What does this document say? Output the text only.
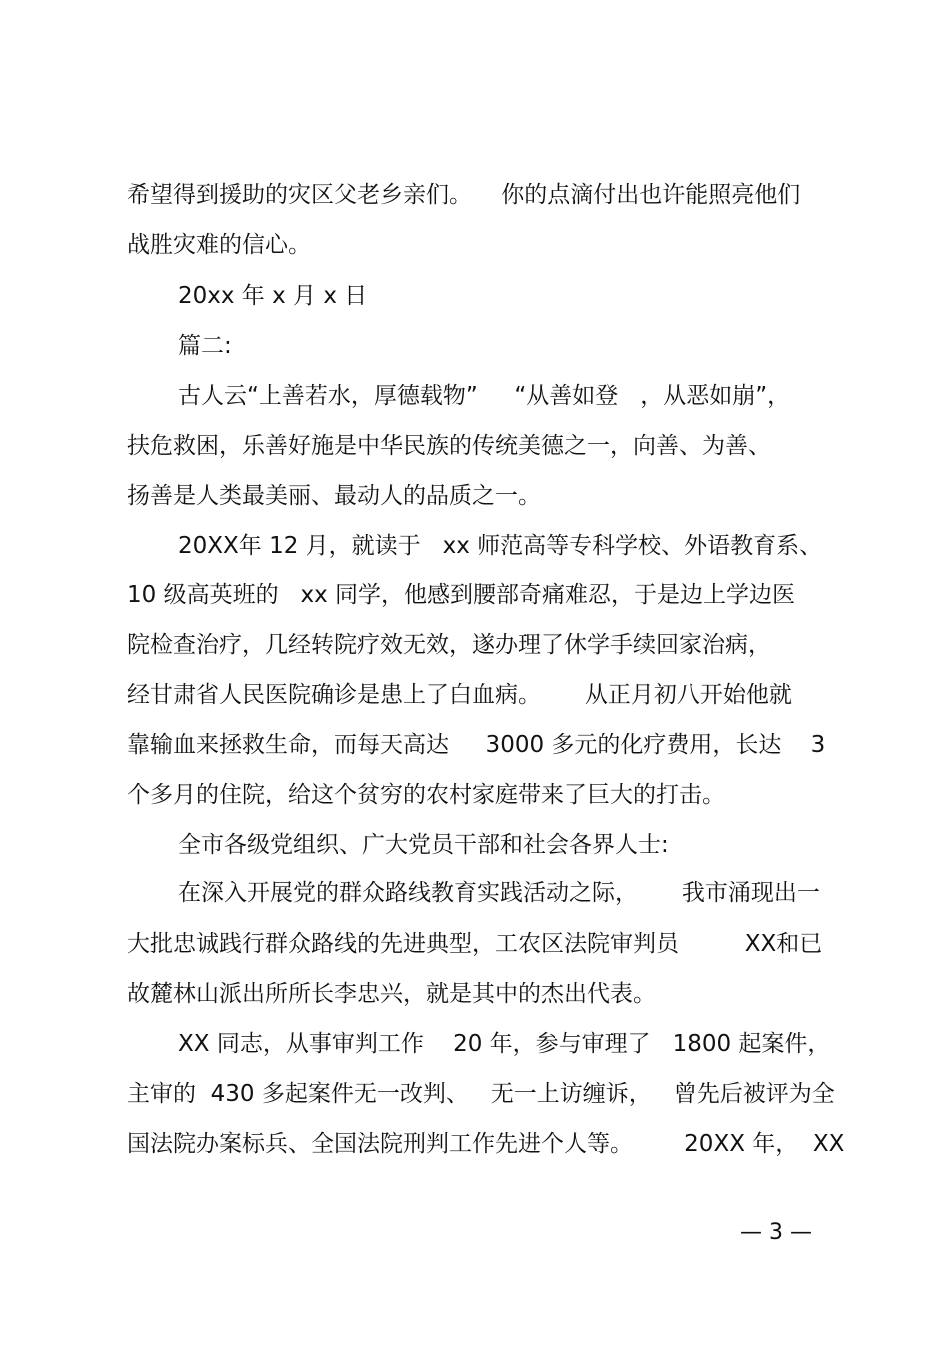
希望得到援助的灾区父老乡亲们。    你的点滴付出也许能照亮他们
战胜灾难的信心。
20xx 年 x 月 x 日
篇二:
古人云“上善若水，厚德载物”     “从善如登   ，从恶如崩”，
扶危救困，乐善好施是中华民族的传统美德之一，向善、为善、
扬善是人类最美丽、最动人的品质之一。
20XX年 12 月，就读于   xx 师范高等专科学校、外语教育系、
10 级高英班的   xx 同学，他感到腰部奇痛难忍，于是边上学边医
院检查治疗，几经转院疗效无效，遂办理了休学手续回家治病，
经甘肃省人民医院确诊是患上了白血病。      从正月初八开始他就
靠输血来拯救生命，而每天高达     3000 多元的化疗费用，长达    3
个多月的住院，给这个贫穷的农村家庭带来了巨大的打击。
全市各级党组织、广大党员干部和社会各界人士:
在深入开展党的群众路线教育实践活动之际，      我市涌现出一
大批忠诚践行群众路线的先进典型，工农区法院审判员         XX和已
故麓林山派出所所长李忠兴，就是其中的杰出代表。
XX 同志，从事审判工作    20 年，参与审理了   1800 起案件，
主审的  430 多起案件无一改判、   无一上访缠诉，   曾先后被评为全
国法院办案标兵、全国法院刑判工作先进个人等。       20XX 年，  XX
— 3 —
